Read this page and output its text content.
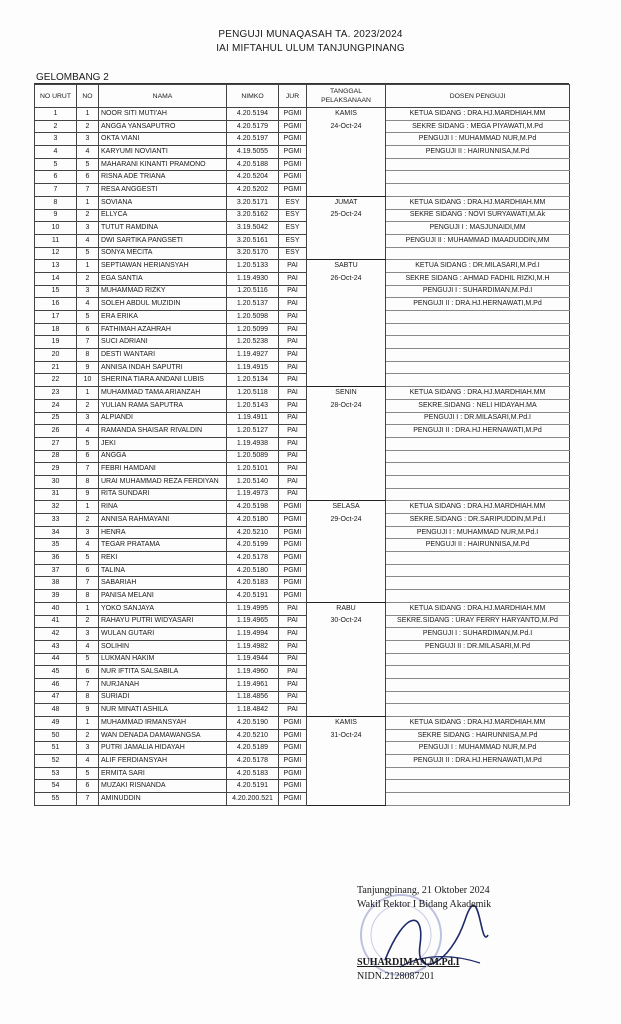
PENGUJI MUNAQASAH TA. 2023/2024
IAI MIFTAHUL ULUM TANJUNGPINANG
GELOMBANG 2
NO URUT	NO	NAMA	NIMKO	JUR	TANGGAL PELAKSANAAN	DOSEN PENGUJI
1	1	NOOR SITI MUTI'AH	4.20.5194	PGMI	KAMIS	KETUA SIDANG : DRA.HJ.MARDHIAH.MM
2	2	ANGGA YANSAPUTRO	4.20.5179	PGMI	24-Oct-24	SEKRE SIDANG : MEGA PIYAWATI,M.Pd
3	3	OKTA VIANI	4.20.5197	PGMI		PENGUJI I : MUHAMMAD NUR,M.Pd
4	4	KARYUMI NOVIANTI	4.19.5055	PGMI		PENGUJI II : HAIRUNNISA,M.Pd
5	5	MAHARANI KINANTI PRAMONO	4.20.5188	PGMI		
6	6	RISNA ADE TRIANA	4.20.5204	PGMI		
7	7	RESA ANGGESTI	4.20.5202	PGMI		
8	1	SOVIANA	3.20.5171	ESY	JUMAT	KETUA SIDANG : DRA.HJ.MARDHIAH.MM
9	2	ELLYCA	3.20.5162	ESY	25-Oct-24	SEKRE SIDANG : NOVI SURYAWATI,M.Ak
10	3	TUTUT RAMDINA	3.19.5042	ESY		PENGUJI I : MASJUNAIDI,MM
11	4	DWI SARTIKA PANGSETI	3.20.5161	ESY		PENGUJI II : MUHAMMAD IMAADUDDIN,MM
12	5	SONYA MECITA	3.20.5170	ESY		
13	1	SEPTIAWAN HERIANSYAH	1.20.5133	PAI	SABTU	KETUA SIDANG : DR.MILASARI,M.Pd.I
14	2	EGA SANTIA	1.19.4930	PAI	26-Oct-24	SEKRE SIDANG : AHMAD FADHIL RIZKI,M.H
15	3	MUHAMMAD RIZKY	1.20.5116	PAI		PENGUJI I : SUHARDIMAN,M.Pd.I
16	4	SOLEH ABDUL MUZIDIN	1.20.5137	PAI		PENGUJI II : DRA.HJ.HERNAWATI,M.Pd
17	5	ERA ERIKA	1.20.5098	PAI		
18	6	FATHIMAH AZAHRAH	1.20.5099	PAI		
19	7	SUCI ADRIANI	1.20.5238	PAI		
20	8	DESTI WANTARI	1.19.4927	PAI		
21	9	ANNISA INDAH SAPUTRI	1.19.4915	PAI		
22	10	SHERINA TIARA ANDANI LUBIS	1.20.5134	PAI		
23	1	MUHAMMAD TAMA ARIANZAH	1.20.5118	PAI	SENIN	KETUA SIDANG : DRA.HJ.MARDHIAH.MM
24	2	YULIAN RAMA SAPUTRA	1.20.5143	PAI	28-Oct-24	SEKRE.SIDANG : NELI HIDAYAH.MA
25	3	ALPIANDI	1.19.4911	PAI		PENGUJI I : DR.MILASARI,M.Pd.I
26	4	RAMANDA SHAISAR RIVALDIN	1.20.5127	PAI		PENGUJI II : DRA.HJ.HERNAWATI,M.Pd
27	5	JEKI	1.19.4938	PAI		
28	6	ANGGA	1.20.5089	PAI		
29	7	FEBRI HAMDANI	1.20.5101	PAI		
30	8	URAI MUHAMMAD REZA FERDIYAN	1.20.5140	PAI		
31	9	RITA SUNDARI	1.19.4973	PAI		
32	1	RINA	4.20.5198	PGMI	SELASA	KETUA SIDANG : DRA.HJ.MARDHIAH.MM
33	2	ANNISA RAHMAYANI	4.20.5180	PGMI	29-Oct-24	SEKRE.SIDANG : DR.SARIPUDDIN,M.Pd.I
34	3	HENRA	4.20.5210	PGMI		PENGUJI I : MUHAMMAD NUR,M.Pd.I
35	4	TEGAR PRATAMA	4.20.5199	PGMI		PENGUJI II : HAIRUNNISA,M.Pd
36	5	REKI	4.20.5178	PGMI		
37	6	TALINA	4.20.5180	PGMI		
38	7	SABARIAH	4.20.5183	PGMI		
39	8	PANISA MELANI	4.20.5191	PGMI		
40	1	YOKO SANJAYA	1.19.4995	PAI	RABU	KETUA SIDANG : DRA.HJ.MARDHIAH.MM
41	2	RAHAYU PUTRI WIDYASARI	1.19.4965	PAI	30-Oct-24	SEKRE.SIDANG : URAY FERRY HARYANTO,M.Pd
42	3	WULAN GUTARI	1.19.4994	PAI		PENGUJI I : SUHARDIMAN,M.Pd.I
43	4	SOLIHIN	1.19.4982	PAI		PENGUJI II : DR.MILASARI,M.Pd
44	5	LUKMAN HAKIM	1.19.4944	PAI		
45	6	NUR IFTITA SALSABILA	1.19.4960	PAI		
46	7	NURJANAH	1.19.4961	PAI		
47	8	SURIADI	1.18.4856	PAI		
48	9	NUR MINATI ASHILA	1.18.4842	PAI		
49	1	MUHAMMAD IRMANSYAH	4.20.5190	PGMI	KAMIS	KETUA SIDANG : DRA.HJ.MARDHIAH.MM
50	2	WAN DENADA DAMAWANGSA	4.20.5210	PGMI	31-Oct-24	SEKRE SIDANG : HAIRUNNISA,M.Pd
51	3	PUTRI JAMALIA HIDAYAH	4.20.5189	PGMI		PENGUJI I : MUHAMMAD NUR,M.Pd
52	4	ALIF FERDIANSYAH	4.20.5178	PGMI		PENGUJI II : DRA.HJ.HERNAWATI,M.Pd
53	5	ERMITA SARI	4.20.5183	PGMI		
54	6	MUZAKI RISNANDA	4.20.5191	PGMI		
55	7	AMINUDDIN	4.20.200.521	PGMI		
Tanjungpinang, 21 Oktober 2024
Wakil Rektor I Bidang Akademik
SUHARDIMAN,M.Pd.I
NIDN.2128087201
